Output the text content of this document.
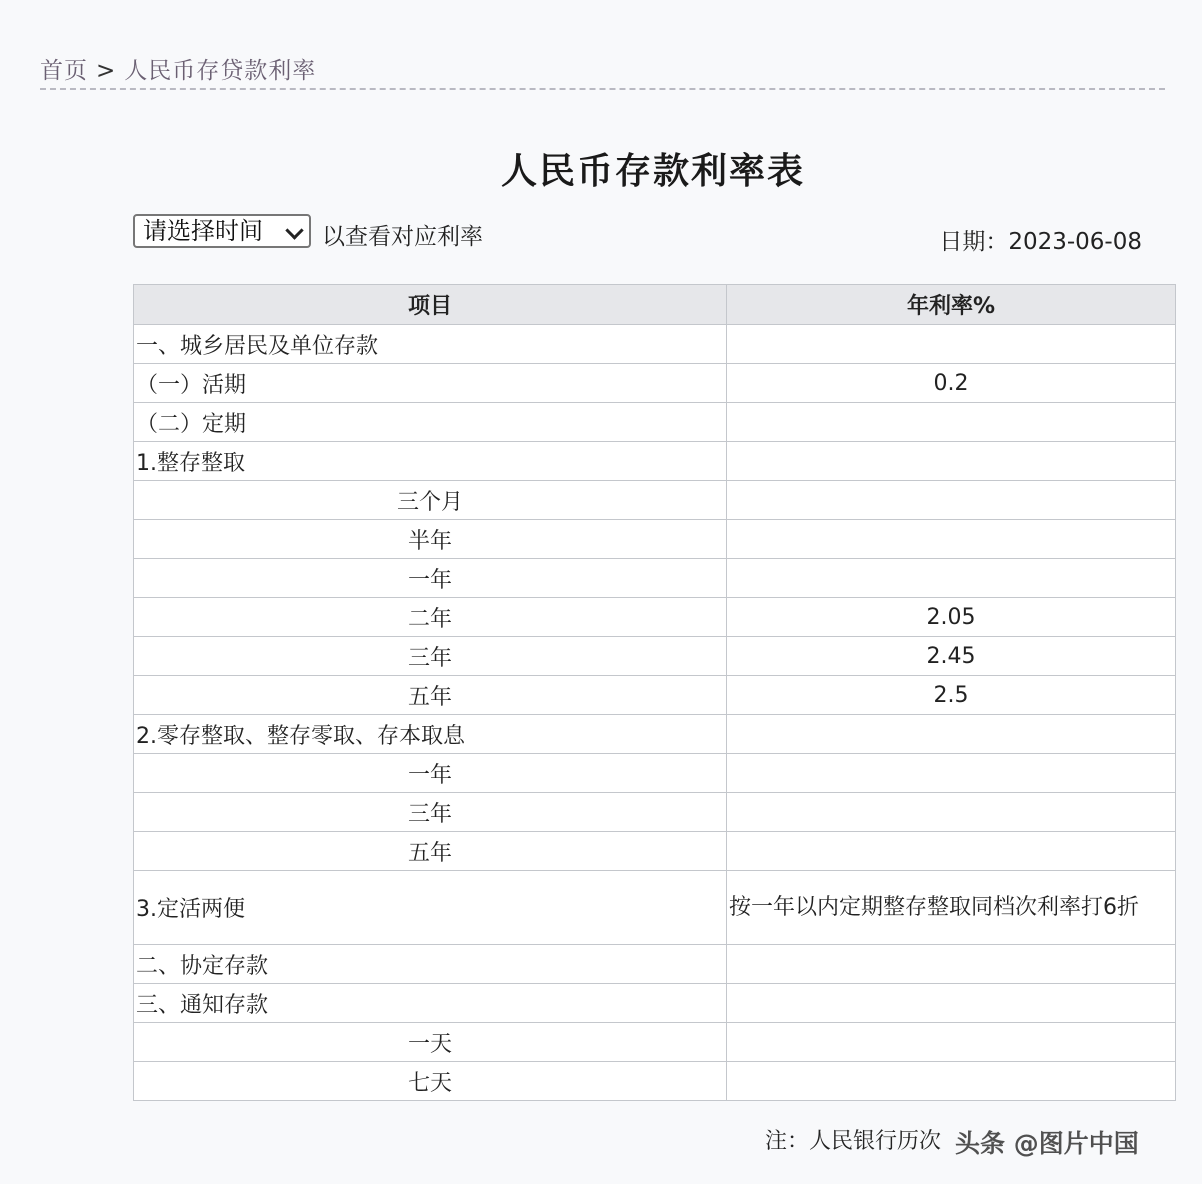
首页 > 人民币存贷款利率
人民币存款利率表
请选择时间	以查看对应利率	日期：2023-06-08
项目	年利率%
一、城乡居民及单位存款	
（一）活期	0.2
（二）定期	
1.整存整取	
三个月	
半年	
一年	
二年	2.05
三年	2.45
五年	2.5
2.零存整取、整存零取、存本取息	
一年	
三年	
五年	
3.定活两便	按一年以内定期整存整取同档次利率打6折
二、协定存款	
三、通知存款	
一天	
七天	
注：人民银行历次 头条 @图片中国
